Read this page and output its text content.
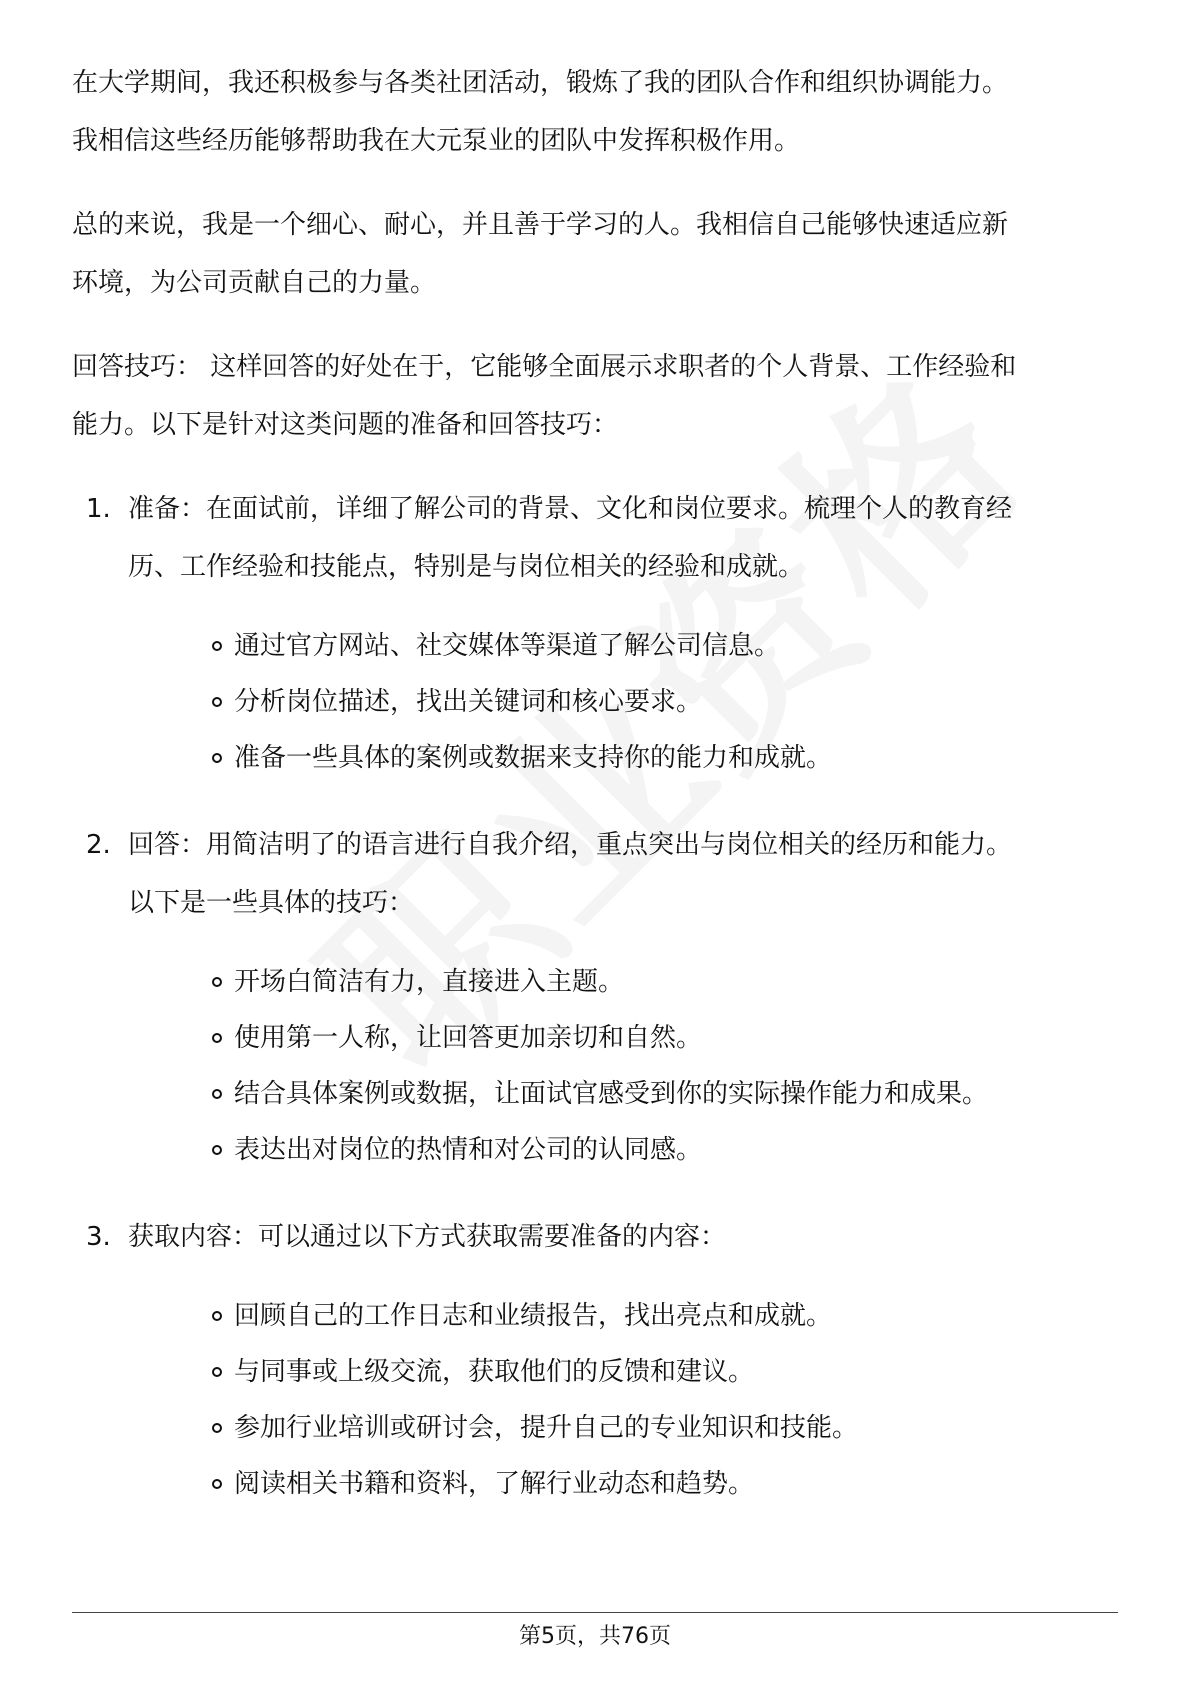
在大学期间，我还积极参与各类社团活动，锻炼了我的团队合作和组织协调能力。
我相信这些经历能够帮助我在大元泵业的团队中发挥积极作用。

总的来说，我是一个细心、耐心，并且善于学习的人。我相信自己能够快速适应新
环境，为公司贡献自己的力量。

回答技巧： 这样回答的好处在于，它能够全面展示求职者的个人背景、工作经验和
能力。以下是针对这类问题的准备和回答技巧：

1. 准备：在面试前，详细了解公司的背景、文化和岗位要求。梳理个人的教育经
历、工作经验和技能点，特别是与岗位相关的经验和成就。
通过官方网站、社交媒体等渠道了解公司信息。
分析岗位描述，找出关键词和核心要求。
准备一些具体的案例或数据来支持你的能力和成就。
2. 回答：用简洁明了的语言进行自我介绍，重点突出与岗位相关的经历和能力。
以下是一些具体的技巧：
开场白简洁有力，直接进入主题。
使用第一人称，让回答更加亲切和自然。
结合具体案例或数据，让面试官感受到你的实际操作能力和成果。
表达出对岗位的热情和对公司的认同感。
3. 获取内容：可以通过以下方式获取需要准备的内容：
回顾自己的工作日志和业绩报告，找出亮点和成就。
与同事或上级交流，获取他们的反馈和建议。
参加行业培训或研讨会，提升自己的专业知识和技能。
阅读相关书籍和资料，了解行业动态和趋势。
第5页，共76页
